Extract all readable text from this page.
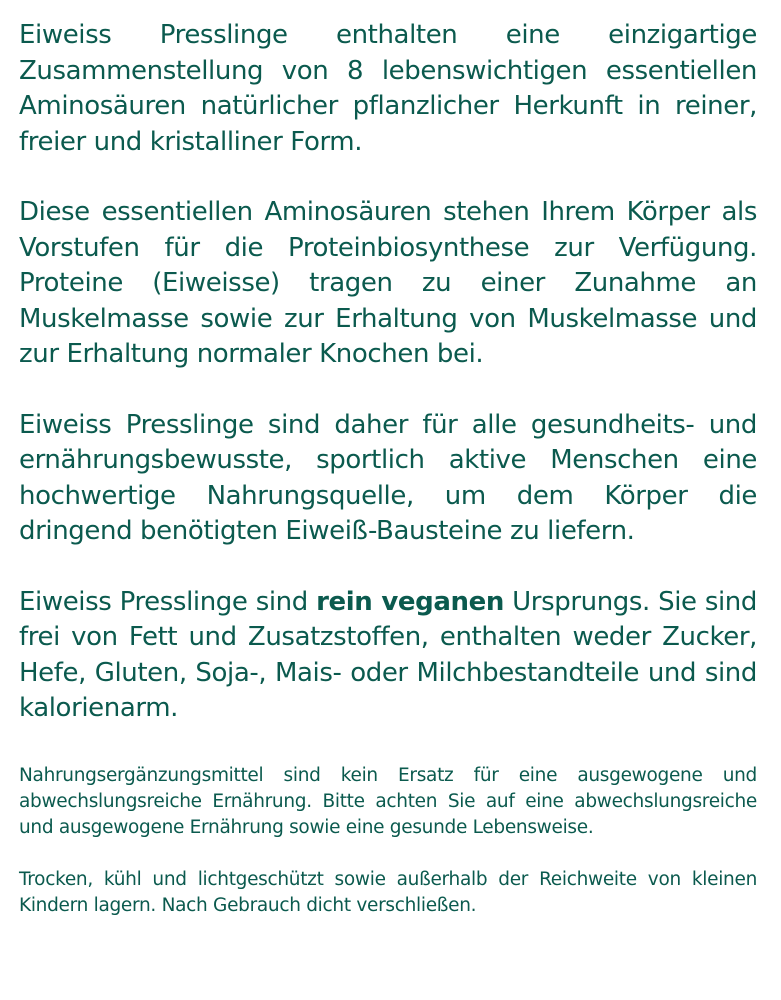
Eiweiss Presslinge enthalten eine einzigartige Zusammenstellung von 8 lebenswichtigen essentiellen Aminosäuren natürlicher pflanzlicher Herkunft in reiner, freier und kristalliner Form.

Diese essentiellen Aminosäuren stehen Ihrem Körper als Vorstufen für die Proteinbiosynthese zur Verfügung. Proteine (Eiweisse) tragen zu einer Zunahme an Muskelmasse sowie zur Erhaltung von Muskelmasse und zur Erhaltung normaler Knochen bei.

Eiweiss Presslinge sind daher für alle gesundheits- und ernährungsbewusste, sportlich aktive Menschen eine hochwertige Nahrungsquelle, um dem Körper die dringend benötigten Eiweiß-Bausteine zu liefern.

Eiweiss Presslinge sind rein veganen Ursprungs. Sie sind frei von Fett und Zusatzstoffen, enthalten weder Zucker, Hefe, Gluten, Soja-, Mais- oder Milchbestandteile und sind kalorienarm.

Nahrungsergänzungsmittel sind kein Ersatz für eine ausgewogene und abwechslungsreiche Ernährung. Bitte achten Sie auf eine abwechslungsreiche und ausgewogene Ernährung sowie eine gesunde Lebensweise.

Trocken, kühl und lichtgeschützt sowie außerhalb der Reichweite von kleinen Kindern lagern. Nach Gebrauch dicht verschließen.
